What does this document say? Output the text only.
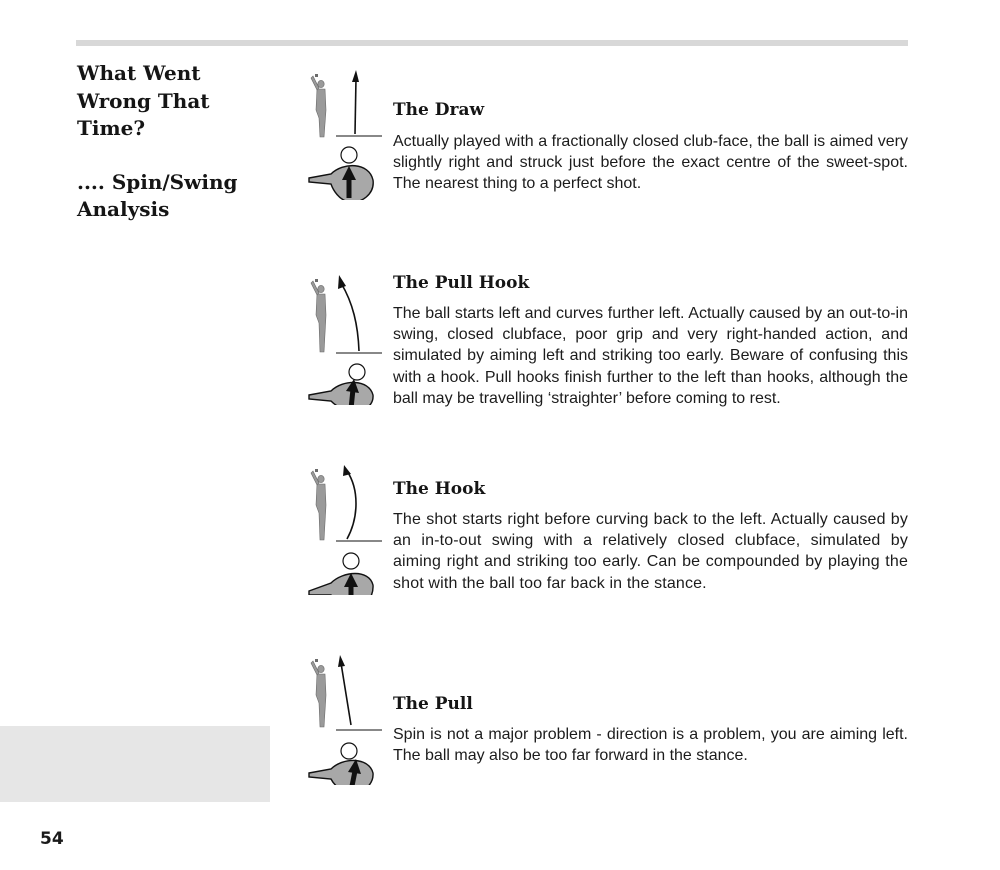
What Went
Wrong That
Time?
.... Spin/Swing
Analysis
54
The Draw
Actually played with a fractionally closed club-face, the ball is aimed very slightly right and struck just before the exact centre of the sweet-spot. The nearest thing to a perfect shot.
The Pull Hook
The ball starts left and curves further left. Actually caused by an out-to-in swing, closed clubface, poor grip and very right-handed action, and simulated by aiming left and striking too early. Beware of confusing this with a hook. Pull hooks finish further to the left than hooks, although the ball may be travelling ‘straighter’ before coming to rest.
The Hook
The shot starts right before curving back to the left. Actually caused by an in-to-out swing with a relatively closed clubface, simulated by aiming right and striking too early. Can be compounded by playing the shot with the ball too far back in the stance.
The Pull
Spin is not a major problem - direction is a problem, you are aiming left. The ball may also be too far forward in the stance.
